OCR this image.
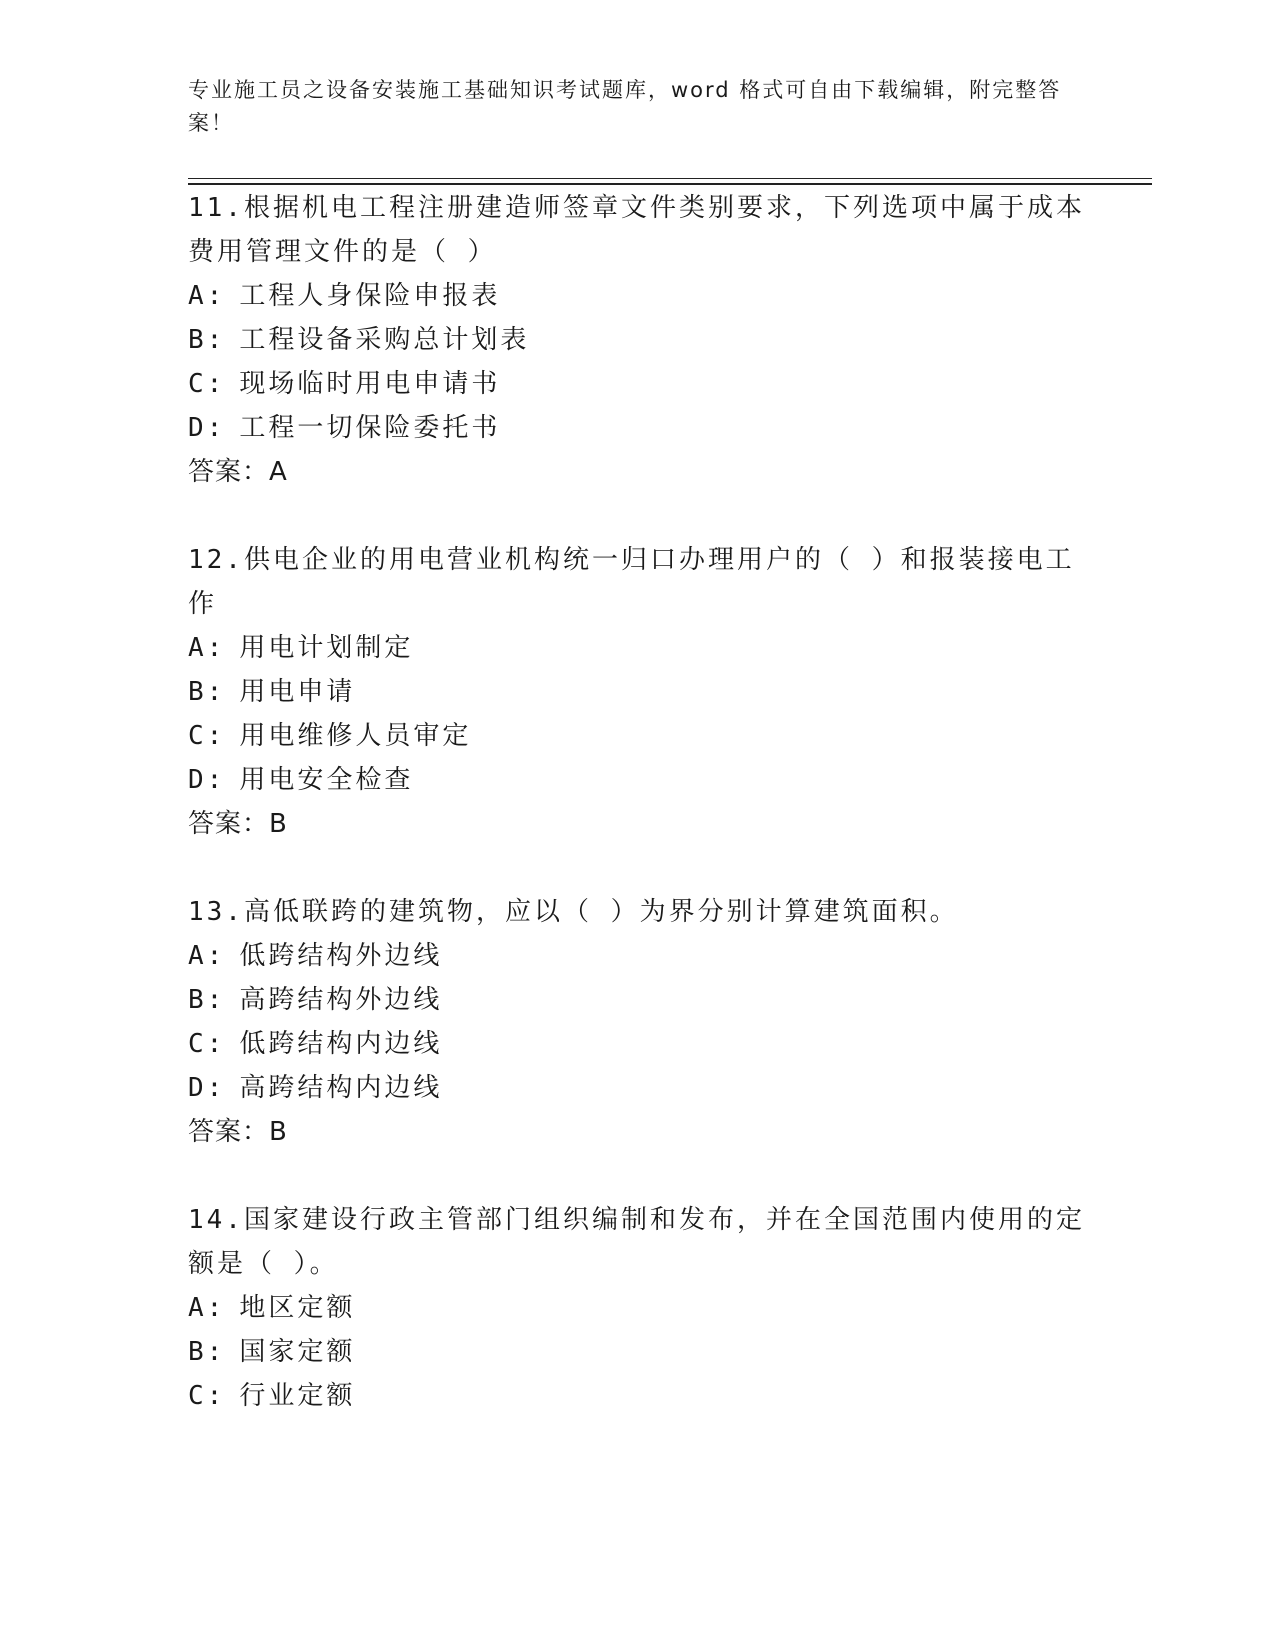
专业施工员之设备安装施工基础知识考试题库，word 格式可自由下载编辑，附完整答案！

11.根据机电工程注册建造师签章文件类别要求，下列选项中属于成本费用管理文件的是（ ）

A: 工程人身保险申报表
B: 工程设备采购总计划表
C: 现场临时用电申请书
D: 工程一切保险委托书
答案：A

12.供电企业的用电营业机构统一归口办理用户的（ ）和报装接电工作

A: 用电计划制定
B: 用电申请
C: 用电维修人员审定
D: 用电安全检查
答案：B

13.高低联跨的建筑物，应以（ ）为界分别计算建筑面积。

A: 低跨结构外边线
B: 高跨结构外边线
C: 低跨结构内边线
D: 高跨结构内边线
答案：B

14.国家建设行政主管部门组织编制和发布，并在全国范围内使用的定额是（ ）。

A: 地区定额
B: 国家定额
C: 行业定额
